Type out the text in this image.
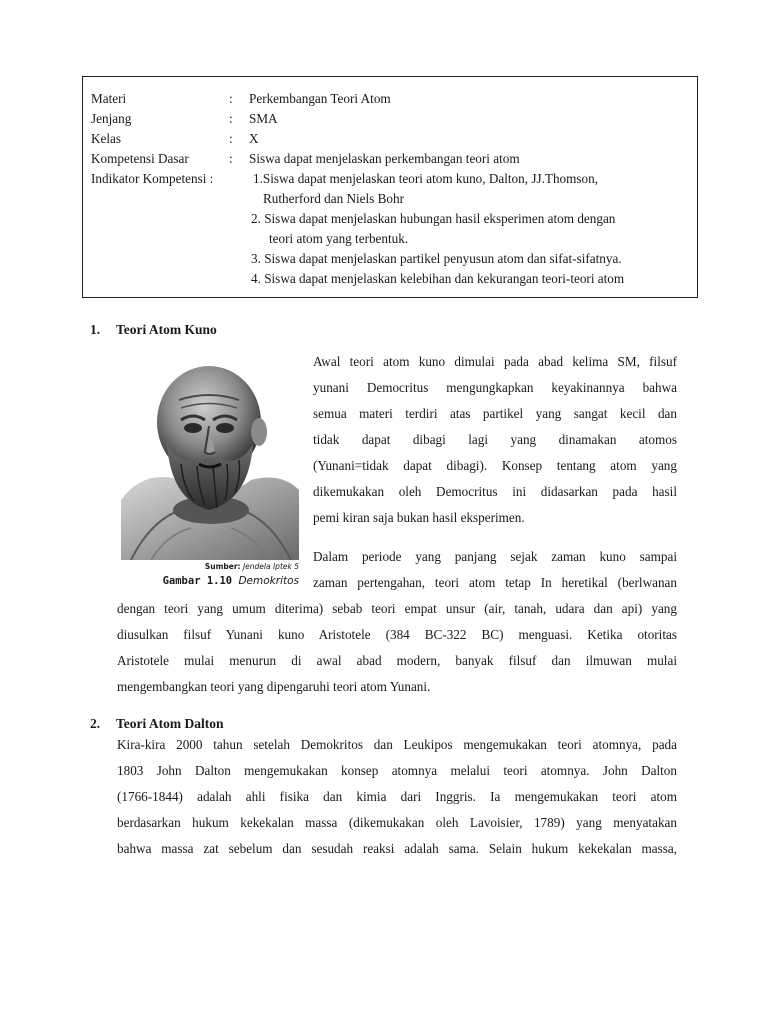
Materi	: Perkembangan Teori Atom
Jenjang	: SMA
Kelas	: X
Kompetensi Dasar	: Siswa dapat menjelaskan perkembangan teori atom
Indikator Kompetensi :	1.Siswa dapat menjelaskan teori atom kuno, Dalton, JJ.Thomson,
Rutherford dan Niels Bohr
2. Siswa dapat menjelaskan hubungan hasil eksperimen atom dengan
teori atom yang terbentuk.
3. Siswa dapat menjelaskan partikel penyusun atom dan sifat-sifatnya.
4. Siswa dapat menjelaskan kelebihan dan kekurangan teori-teori atom
1. Teori Atom Kuno
Sumber: Jendela Iptek 5
Gambar 1.10 Demokritos
Awal teori atom kuno dimulai pada abad kelima SM, filsuf
yunani Democritus mengungkapkan keyakinannya bahwa
semua materi terdiri atas partikel yang sangat kecil dan
tidak dapat dibagi lagi yang dinamakan atomos
(Yunani=tidak dapat dibagi). Konsep tentang atom yang
dikemukakan oleh Democritus ini didasarkan pada hasil
pemi kiran saja bukan hasil eksperimen.
Dalam periode yang panjang sejak zaman kuno sampai
zaman pertengahan, teori atom tetap In heretikal (berlwanan
dengan teori yang umum diterima) sebab teori empat unsur (air, tanah, udara dan api) yang
diusulkan filsuf Yunani kuno Aristotele (384 BC-322 BC) menguasi. Ketika otoritas
Aristotele mulai menurun di awal abad modern, banyak filsuf dan ilmuwan mulai
mengembangkan teori yang dipengaruhi teori atom Yunani.
2. Teori Atom Dalton
Kira-kira 2000 tahun setelah Demokritos dan Leukipos mengemukakan teori atomnya, pada
1803 John Dalton mengemukakan konsep atomnya melalui teori atomnya. John Dalton
(1766-1844) adalah ahli fisika dan kimia dari Inggris. Ia mengemukakan teori atom
berdasarkan hukum kekekalan massa (dikemukakan oleh Lavoisier, 1789) yang menyatakan
bahwa massa zat sebelum dan sesudah reaksi adalah sama. Selain hukum kekekalan massa,
